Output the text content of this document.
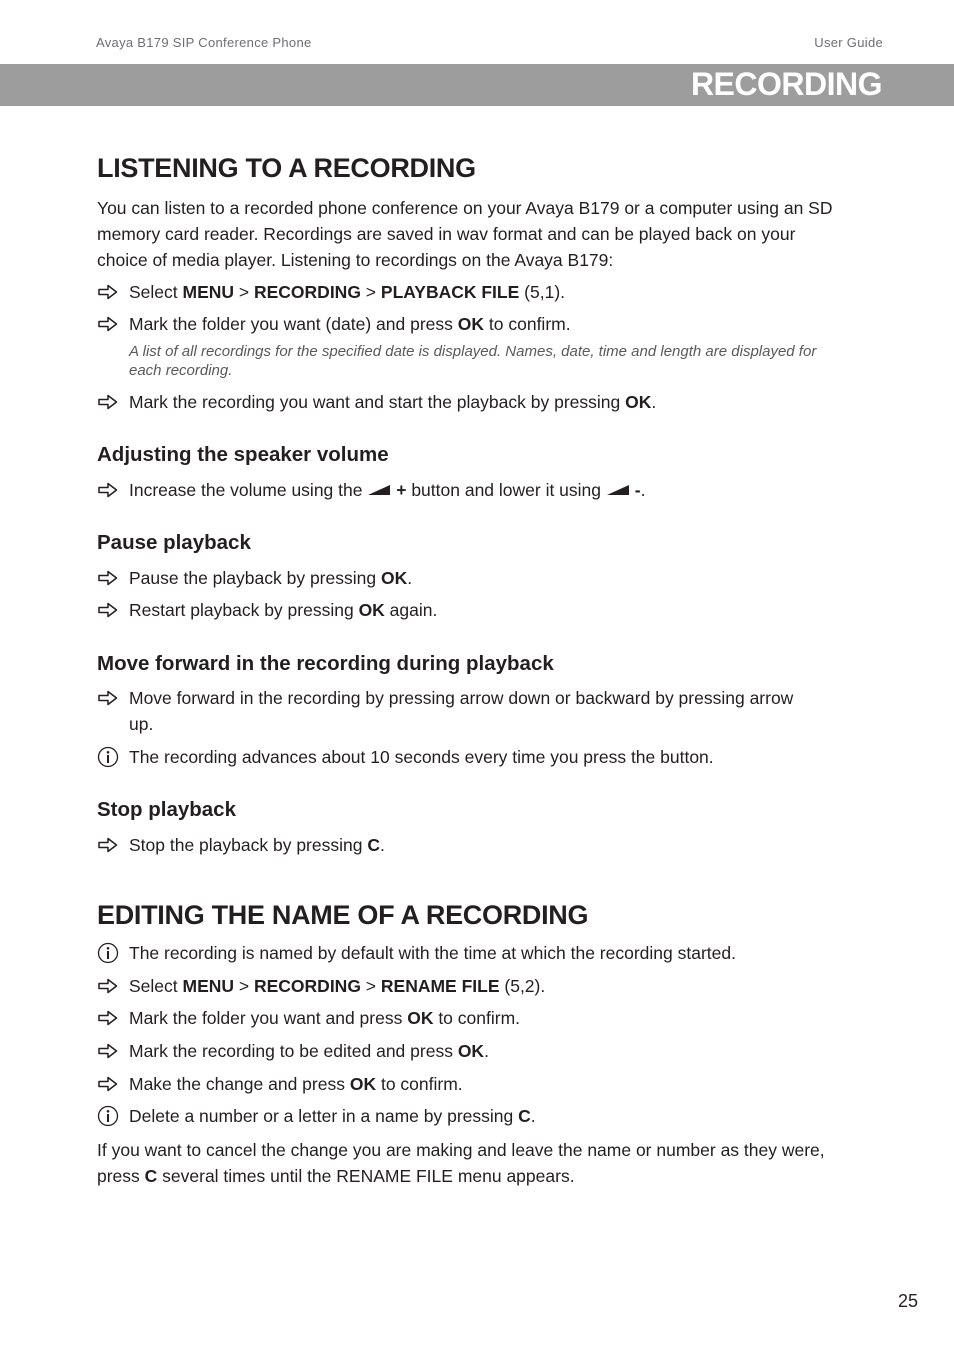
Avaya B179 SIP Conference Phone	User Guide
RECORDING
LISTENING TO A RECORDING
You can listen to a recorded phone conference on your Avaya B179 or a computer using an SD memory card reader. Recordings are saved in wav format and can be played back on your choice of media player. Listening to recordings on the Avaya B179:
Select MENU > RECORDING > PLAYBACK FILE (5,1).
Mark the folder you want (date) and press OK to confirm.
A list of all recordings for the specified date is displayed. Names, date, time and length are displayed for each recording.
Mark the recording you want and start the playback by pressing OK.
Adjusting the speaker volume
Increase the volume using the  + button and lower it using  -.
Pause playback
Pause the playback by pressing OK.
Restart playback by pressing OK again.
Move forward in the recording during playback
Move forward in the recording by pressing arrow down or backward by pressing arrow up.
The recording advances about 10 seconds every time you press the button.
Stop playback
Stop the playback by pressing C.
EDITING THE NAME OF A RECORDING
The recording is named by default with the time at which the recording started.
Select MENU > RECORDING > RENAME FILE (5,2).
Mark the folder you want and press OK to confirm.
Mark the recording to be edited and press OK.
Make the change and press OK to confirm.
Delete a number or a letter in a name by pressing C.
If you want to cancel the change you are making and leave the name or number as they were, press C several times until the RENAME FILE menu appears.
25
